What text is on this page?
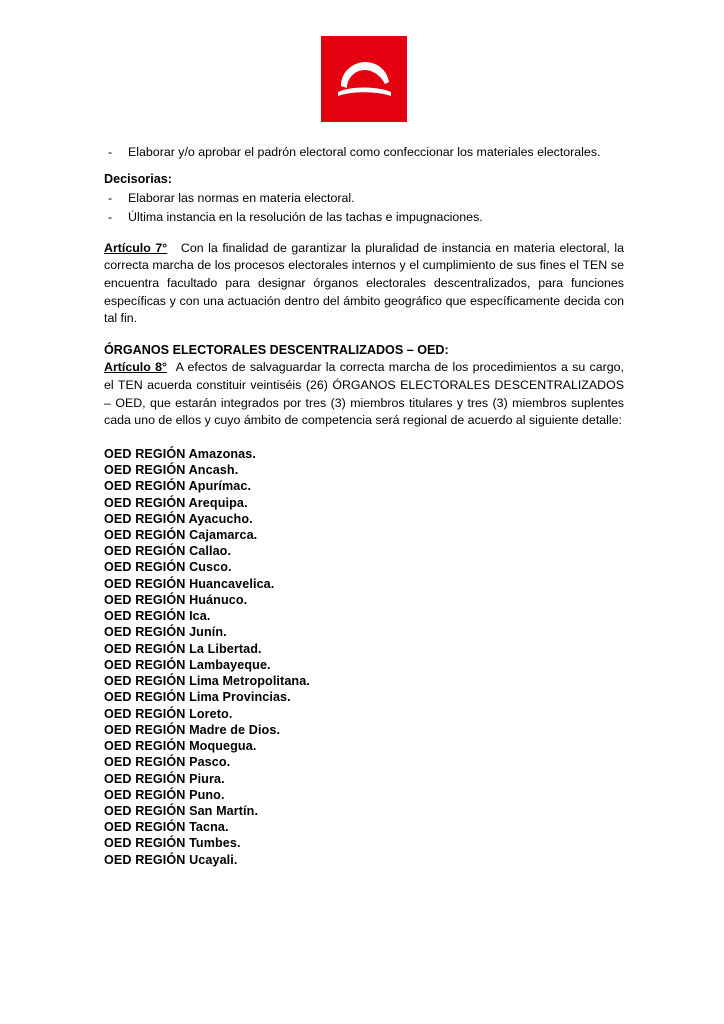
Nación
- Elaborar y/o aprobar el padrón electoral como confeccionar los materiales electorales.

Decisorias:

- Elaborar las normas en materia electoral.
- Última instancia en la resolución de las tachas e impugnaciones.

Artículo 7° Con la finalidad de garantizar la pluralidad de instancia en materia electoral, la correcta marcha de los procesos electorales internos y el cumplimiento de sus fines el TEN se encuentra facultado para designar órganos electorales descentralizados, para funciones específicas y con una actuación dentro del ámbito geográfico que específicamente decida con tal fin.

ÓRGANOS ELECTORALES DESCENTRALIZADOS – OED:

Artículo 8° A efectos de salvaguardar la correcta marcha de los procedimientos a su cargo, el TEN acuerda constituir veintiséis (26) ÓRGANOS ELECTORALES DESCENTRALIZADOS – OED, que estarán integrados por tres (3) miembros titulares y tres (3) miembros suplentes cada uno de ellos y cuyo ámbito de competencia será regional de acuerdo al siguiente detalle:

OED REGIÓN Amazonas.
OED REGIÓN Ancash.
OED REGIÓN Apurímac.
OED REGIÓN Arequipa.
OED REGIÓN Ayacucho.
OED REGIÓN Cajamarca.
OED REGIÓN Callao.
OED REGIÓN Cusco.
OED REGIÓN Huancavelica.
OED REGIÓN Huánuco.
OED REGIÓN Ica.
OED REGIÓN Junín.
OED REGIÓN La Libertad.
OED REGIÓN Lambayeque.
OED REGIÓN Lima Metropolitana.
OED REGIÓN Lima Provincias.
OED REGIÓN Loreto.
OED REGIÓN Madre de Dios.
OED REGIÓN Moquegua.
OED REGIÓN Pasco.
OED REGIÓN Piura.
OED REGIÓN Puno.
OED REGIÓN San Martín.
OED REGIÓN Tacna.
OED REGIÓN Tumbes.
OED REGIÓN Ucayali.
